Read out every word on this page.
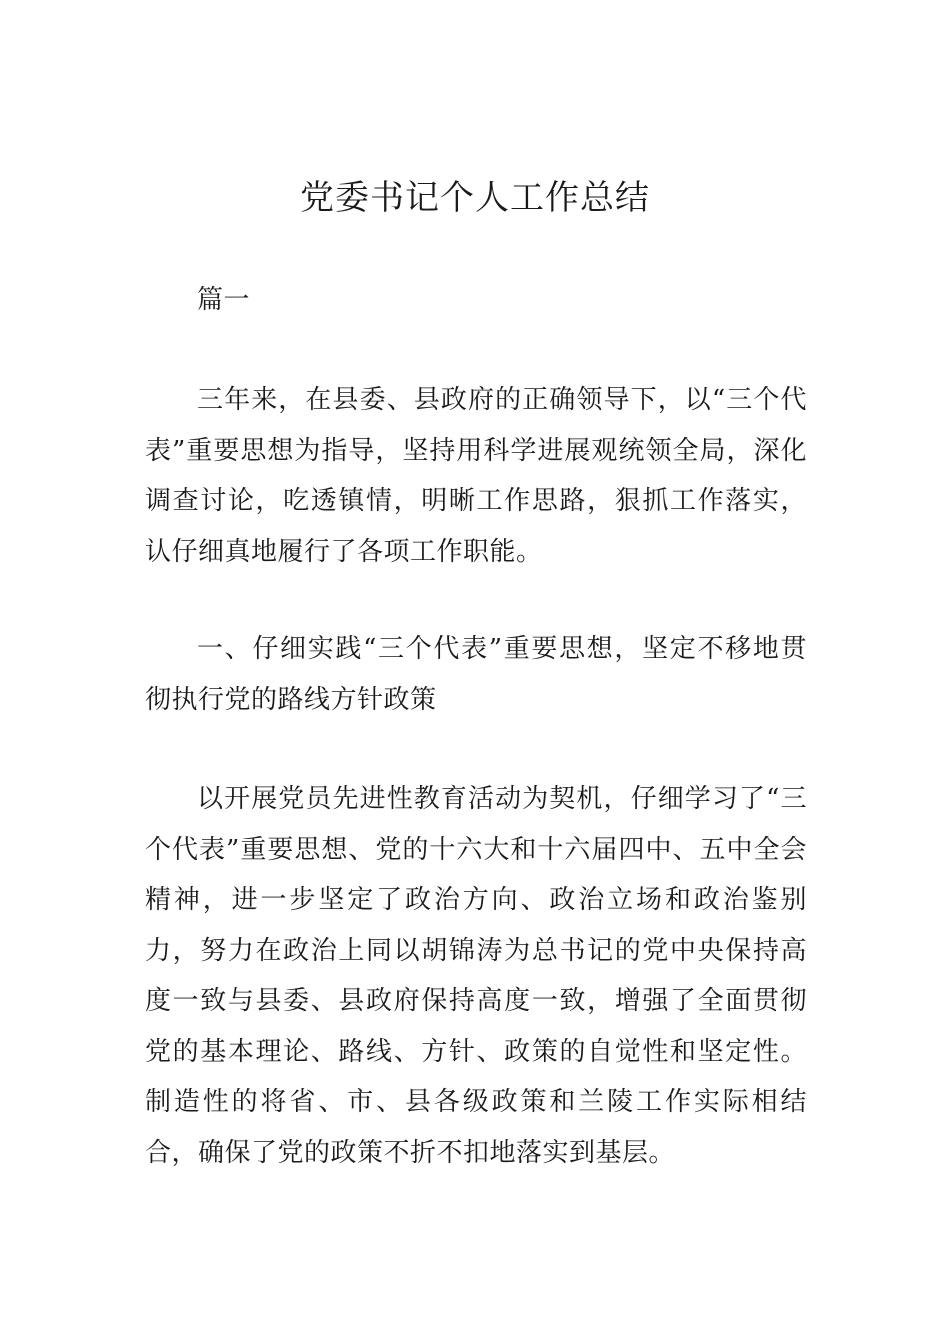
党委书记个人工作总结

篇一

三年来，在县委、县政府的正确领导下，以“三个代表”重要思想为指导，坚持用科学进展观统领全局，深化调查讨论，吃透镇情，明晰工作思路，狠抓工作落实，认仔细真地履行了各项工作职能。

一、仔细实践“三个代表”重要思想，坚定不移地贯彻执行党的路线方针政策

以开展党员先进性教育活动为契机，仔细学习了“三个代表”重要思想、党的十六大和十六届四中、五中全会精神，进一步坚定了政治方向、政治立场和政治鉴别力，努力在政治上同以胡锦涛为总书记的党中央保持高度一致与县委、县政府保持高度一致，增强了全面贯彻党的基本理论、路线、方针、政策的自觉性和坚定性。制造性的将省、市、县各级政策和兰陵工作实际相结合，确保了党的政策不折不扣地落实到基层。
